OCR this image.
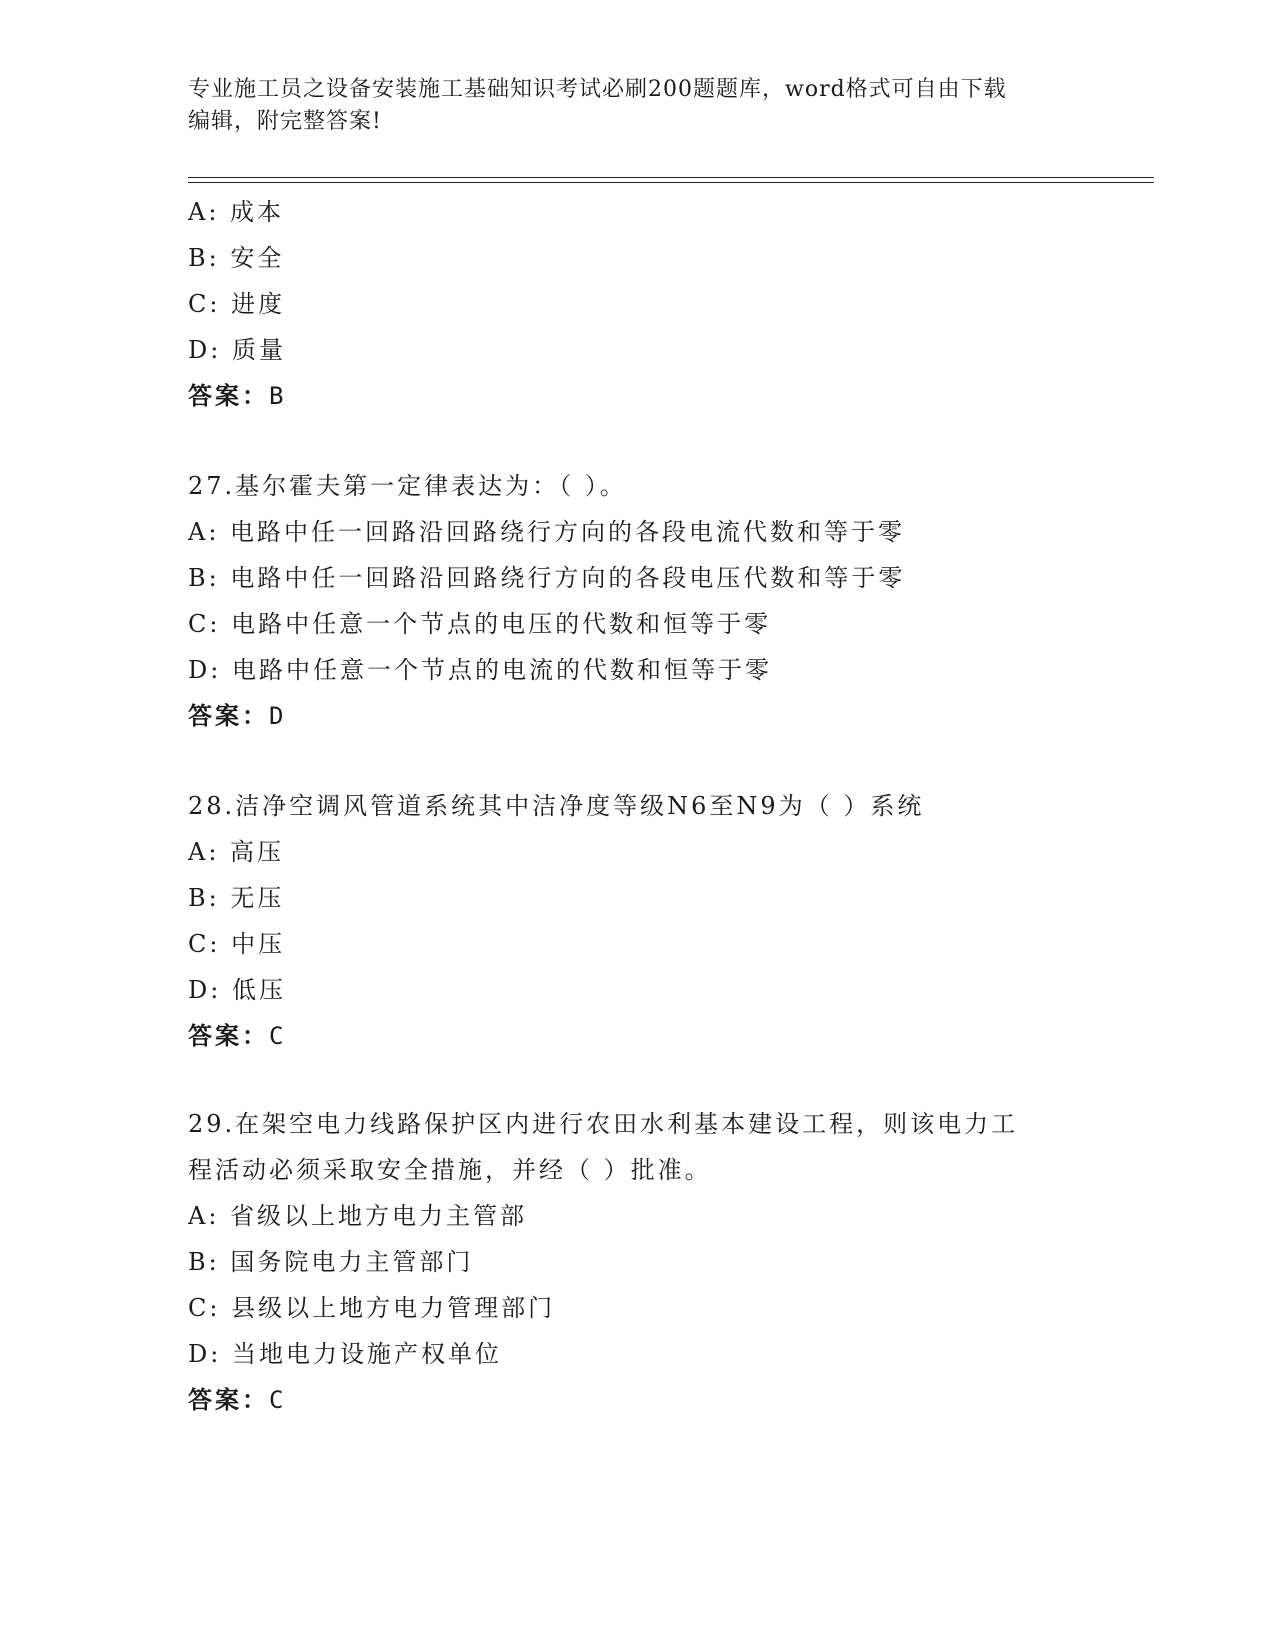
专业施工员之设备安装施工基础知识考试必刷200题题库，word格式可自由下载
编辑，附完整答案!
A: 成本
B: 安全
C: 进度
D: 质量
答案：B
27.基尔霍夫第一定律表达为：（ ）。
A: 电路中任一回路沿回路绕行方向的各段电流代数和等于零
B: 电路中任一回路沿回路绕行方向的各段电压代数和等于零
C: 电路中任意一个节点的电压的代数和恒等于零
D: 电路中任意一个节点的电流的代数和恒等于零
答案：D
28.洁净空调风管道系统其中洁净度等级N6至N9为（ ）系统
A: 高压
B: 无压
C: 中压
D: 低压
答案：C
29.在架空电力线路保护区内进行农田水利基本建设工程，则该电力工
程活动必须采取安全措施，并经（ ）批准。
A: 省级以上地方电力主管部
B: 国务院电力主管部门
C: 县级以上地方电力管理部门
D: 当地电力设施产权单位
答案：C
